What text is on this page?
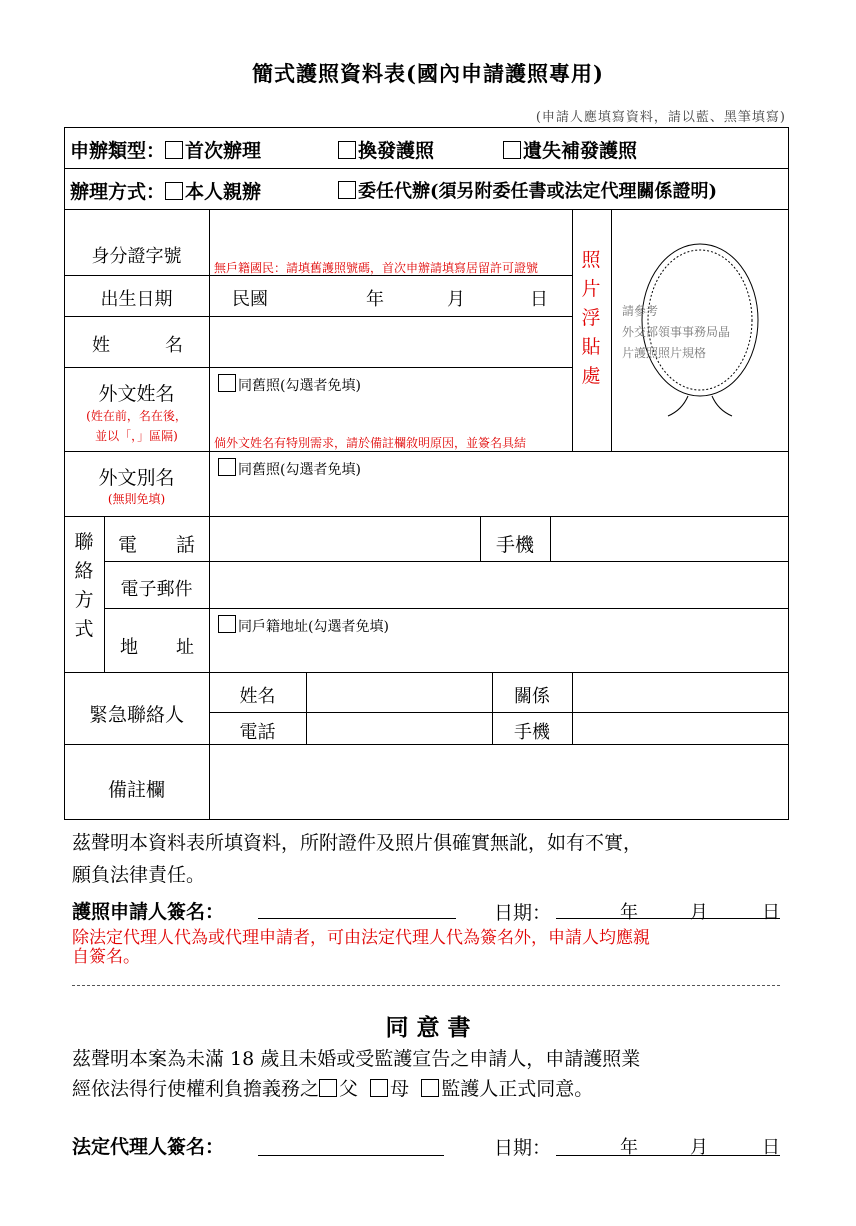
簡式護照資料表(國內申請護照專用)
(申請人應填寫資料，請以藍、黑筆填寫)
申辦類型： 首次辦理	換發護照	遺失補發護照
辦理方式： 本人親辦	委任代辦(須另附委任書或法定代理關係證明)
身分證字號
無戶籍國民：請填舊護照號碼，首次申辦請填寫居留許可證號
出生日期	民國	年	月	日
姓	名
外文姓名
(姓在前，名在後，
並以「，」區隔)
同舊照(勾選者免填)
倘外文姓名有特別需求，請於備註欄敘明原因，並簽名具結
照
片
浮
貼
處
請參考
外交部領事事務局晶
片護照照片規格
外文別名
(無則免填)
同舊照(勾選者免填)
聯
絡
方
式
電 話	手機
電子郵件
地 址
同戶籍地址(勾選者免填)
緊急聯絡人
姓名	關係
電話	手機
備註欄
茲聲明本資料表所填資料，所附證件及照片俱確實無訛，如有不實，
願負法律責任。
護照申請人簽名：	日期：	年	月	日
除法定代理人代為或代理申請者，可由法定代理人代為簽名外，申請人均應親
自簽名。
同 意 書
茲聲明本案為未滿 18 歲且未婚或受監護宣告之申請人，申請護照業
經依法得行使權利負擔義務之 父 母 監護人正式同意。
法定代理人簽名：	日期：	年	月	日
